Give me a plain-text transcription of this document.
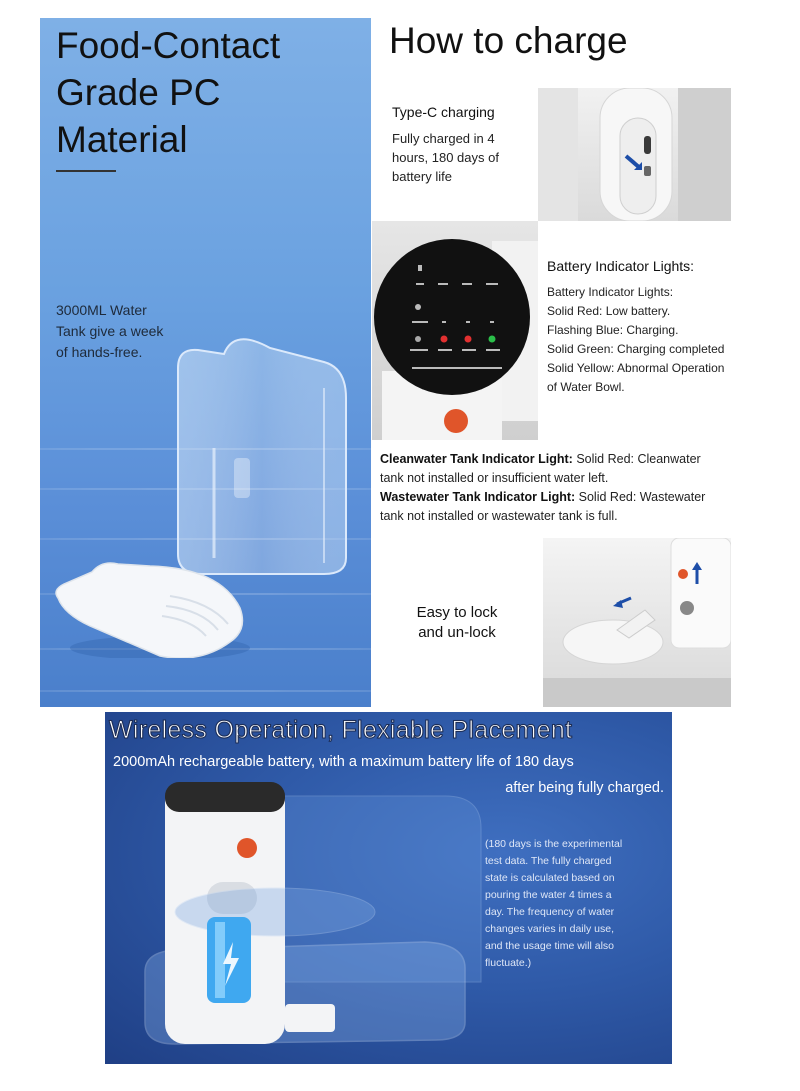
Food-Contact
Grade PC
Material
3000ML Water
Tank give a week
of hands-free.
How to charge
Type-C charging
Fully charged in 4
hours, 180 days of
battery life
Battery Indicator Lights:
Battery Indicator Lights:
Solid Red: Low battery.
Flashing Blue: Charging.
Solid Green: Charging completed
Solid Yellow: Abnormal Operation
of Water Bowl.
Cleanwater Tank Indicator Light: Solid Red: Cleanwater
tank not installed or insufficient water left.
Wastewater Tank Indicator Light: Solid Red: Wastewater
tank not installed or wastewater tank is full.
Easy to lock
and un-lock
Wireless Operation, Flexiable Placement
2000mAh rechargeable battery, with a maximum battery life of 180 days
after being fully charged.
(180 days is the experimental
test data. The fully charged
state is calculated based on
pouring the water 4 times a
day. The frequency of water
changes varies in daily use,
and the usage time will also
fluctuate.)
